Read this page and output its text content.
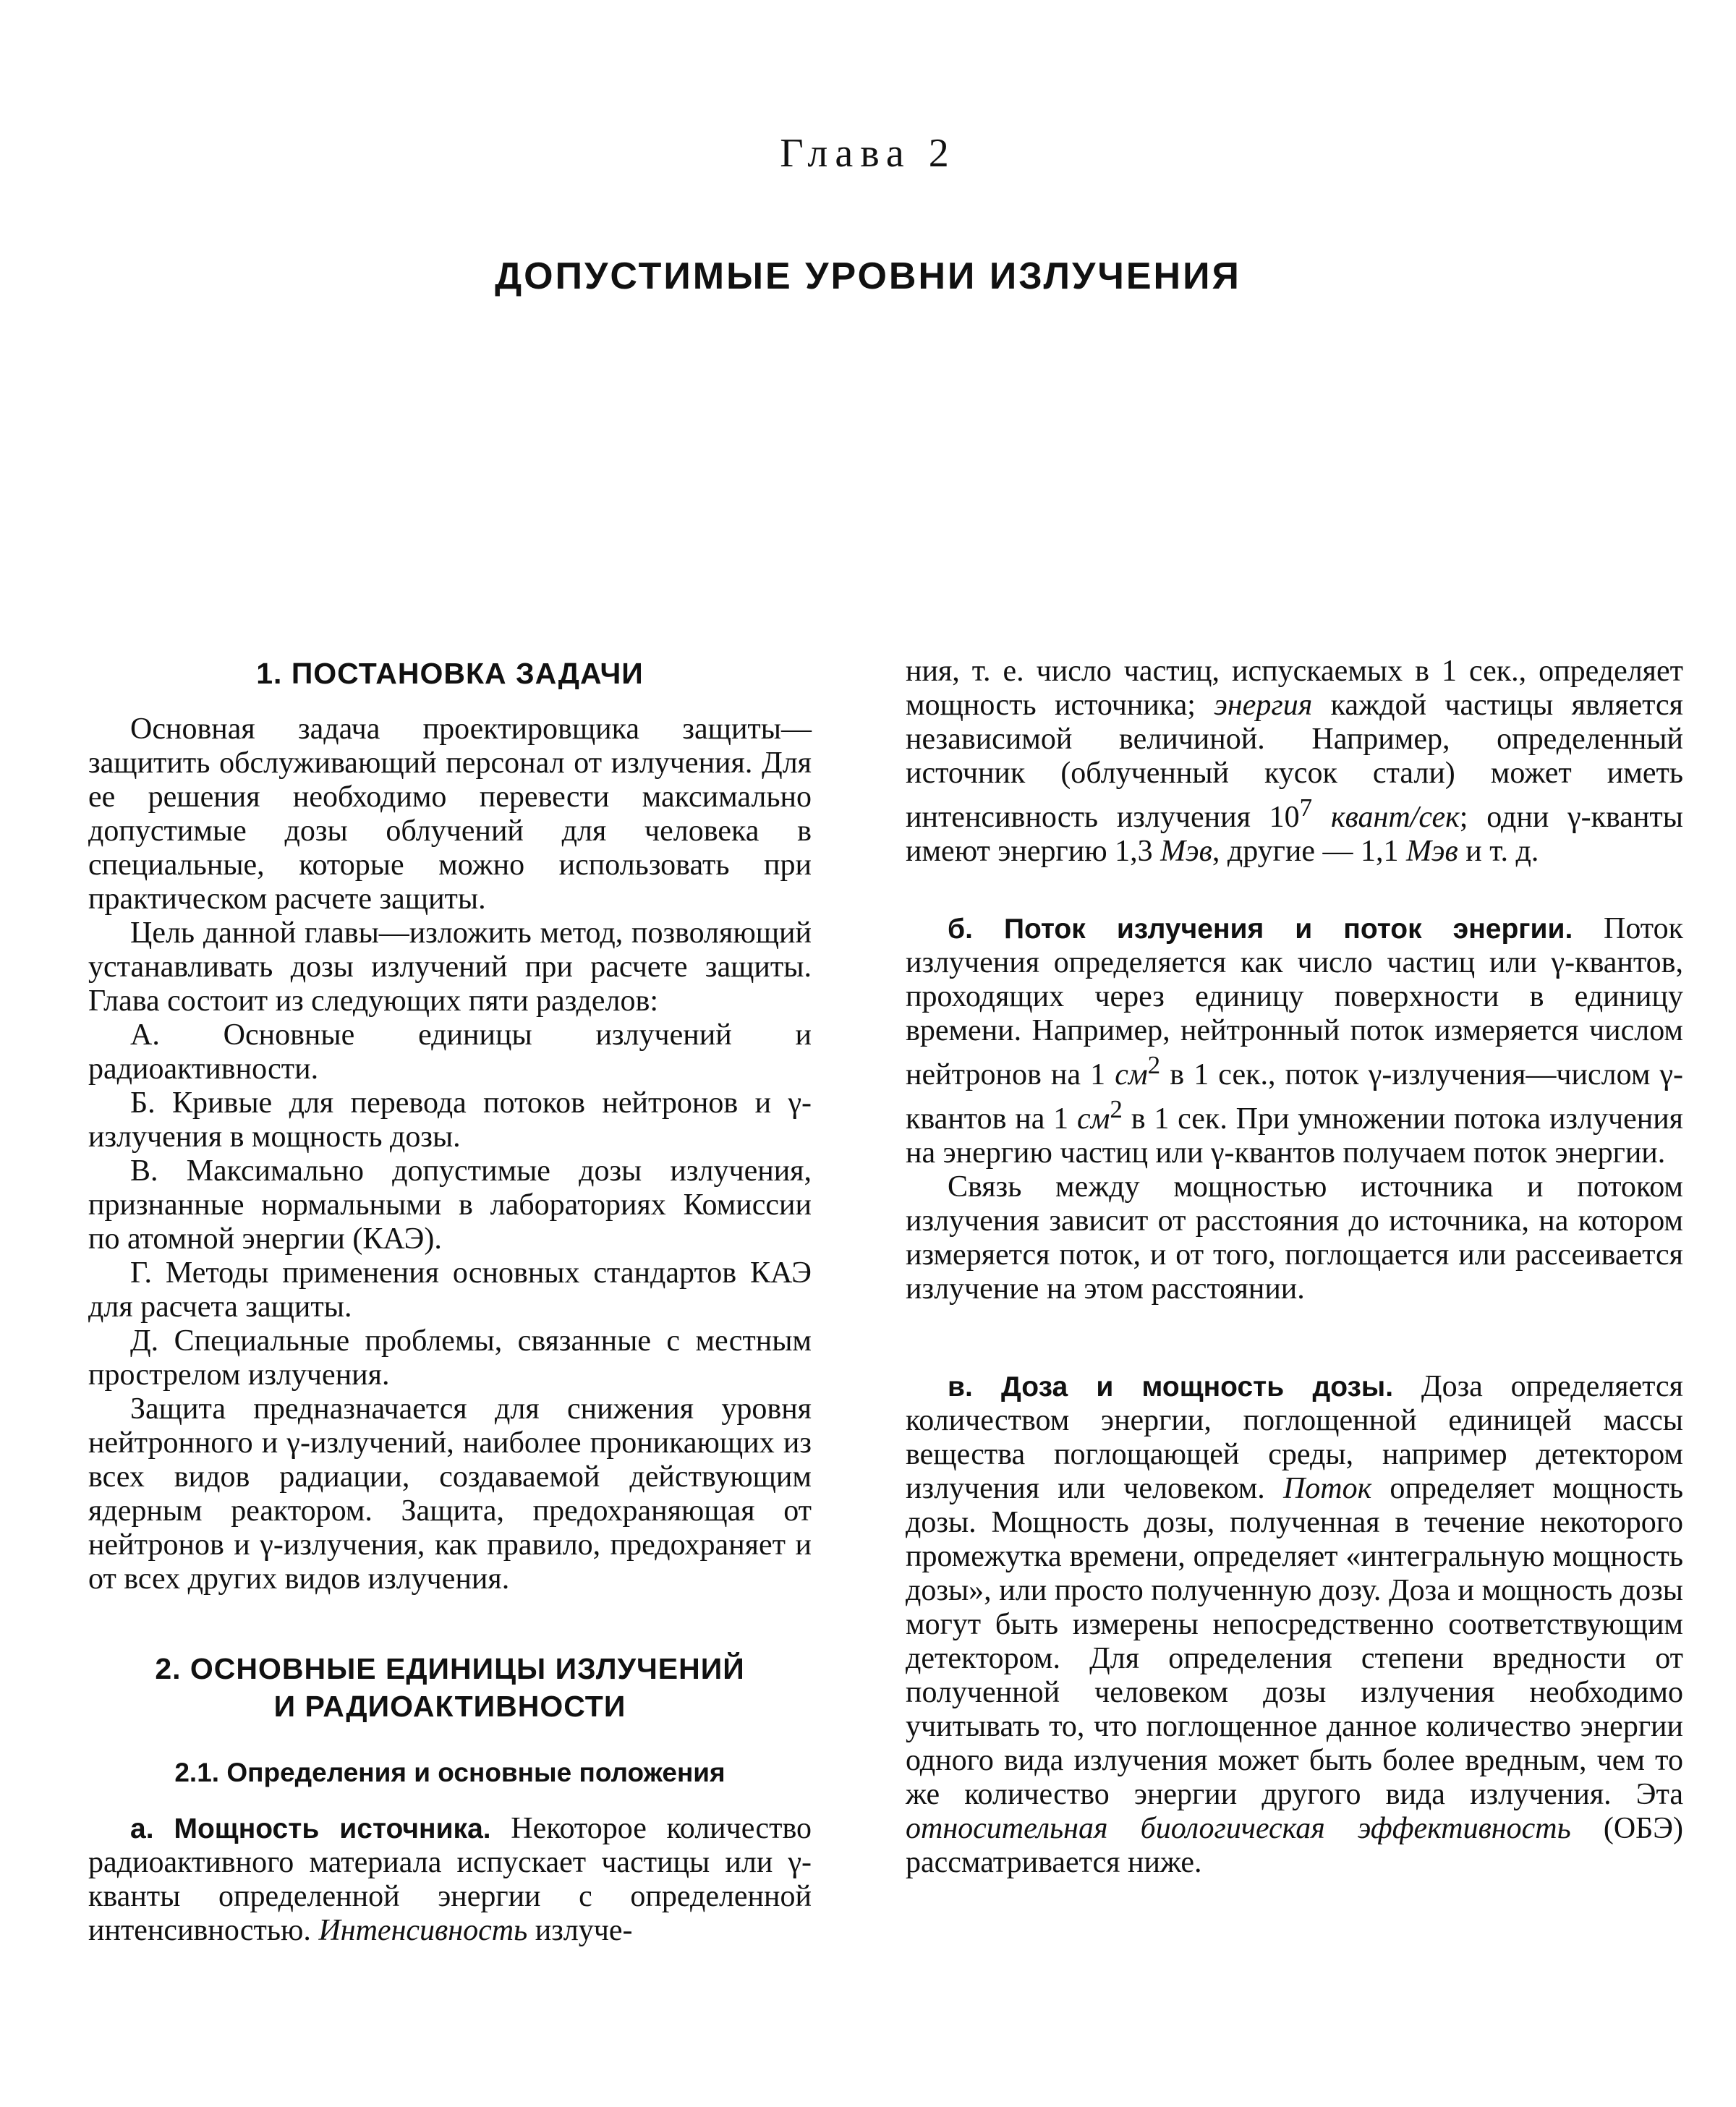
Глава 2
ДОПУСТИМЫЕ УРОВНИ ИЗЛУЧЕНИЯ
1. ПОСТАНОВКА ЗАДАЧИ

Основная задача проектировщика защиты—защитить обслуживающий персонал от излучения. Для ее решения необходимо перевести максимально допустимые дозы облучений для человека в специальные, которые можно использовать при практическом расчете защиты.

Цель данной главы—изложить метод, позволяющий устанавливать дозы излучений при расчете защиты. Глава состоит из следующих пяти разделов:

А. Основные единицы излучений и радиоактивности.

Б. Кривые для перевода потоков нейтронов и γ-излучения в мощность дозы.

В. Максимально допустимые дозы излучения, признанные нормальными в лабораториях Комиссии по атомной энергии (КАЭ).

Г. Методы применения основных стандартов КАЭ для расчета защиты.

Д. Специальные проблемы, связанные с местным прострелом излучения.

Защита предназначается для снижения уровня нейтронного и γ-излучений, наиболее проникающих из всех видов радиации, создаваемой действующим ядерным реактором. Защита, предохраняющая от нейтронов и γ-излучения, как правило, предохраняет и от всех других видов излучения.

2. ОСНОВНЫЕ ЕДИНИЦЫ ИЗЛУЧЕНИЙ
И РАДИОАКТИВНОСТИ
2.1. Определения и основные положения

а. Мощность источника. Некоторое количество радиоактивного материала испускает частицы или γ-кванты определенной энергии с определенной интенсивностью. Интенсивность излуче-

ния, т. е. число частиц, испускаемых в 1 сек., определяет мощность источника; энергия каждой частицы является независимой величиной. Например, определенный источник (облученный кусок стали) может иметь интенсивность излучения $10^7$ квант/сек; одни γ-кванты имеют энергию 1,3 Мэв, другие — 1,1 Мэв и т. д.

б. Поток излучения и поток энергии. Поток излучения определяется как число частиц или γ-квантов, проходящих через единицу поверхности в единицу времени. Например, нейтронный поток измеряется числом нейтронов на 1 $см^2$ в 1 сек., поток γ-излучения—числом γ-квантов на 1 $см^2$ в 1 сек. При умножении потока излучения на энергию частиц или γ-квантов получаем поток энергии.

Связь между мощностью источника и потоком излучения зависит от расстояния до источника, на котором измеряется поток, и от того, поглощается или рассеивается излучение на этом расстоянии.

в. Доза и мощность дозы. Доза определяется количеством энергии, поглощенной единицей массы вещества поглощающей среды, например детектором излучения или человеком. Поток определяет мощность дозы. Мощность дозы, полученная в течение некоторого промежутка времени, определяет «интегральную мощность дозы», или просто полученную дозу. Доза и мощность дозы могут быть измерены непосредственно соответствующим детектором. Для определения степени вредности от полученной человеком дозы излучения необходимо учитывать то, что поглощенное данное количество энергии одного вида излучения может быть более вредным, чем то же количество энергии другого вида излучения. Эта относительная биологическая эффективность (ОБЭ) рассматривается ниже.
